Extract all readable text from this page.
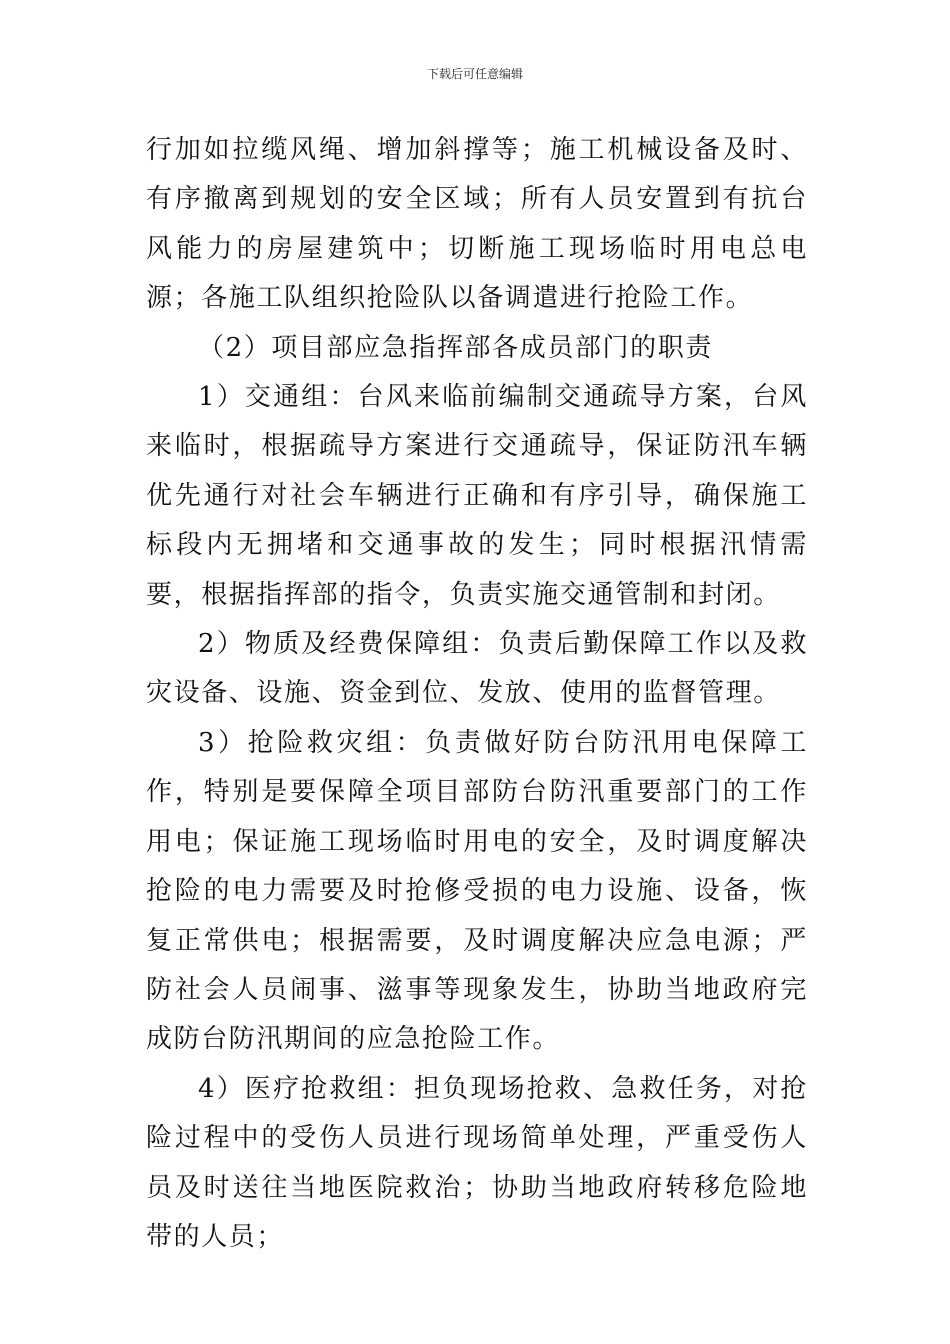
下载后可任意编辑

行加如拉缆风绳、增加斜撑等；施工机械设备及时、有序撤离到规划的安全区域；所有人员安置到有抗台风能力的房屋建筑中；切断施工现场临时用电总电源；各施工队组织抢险队以备调遣进行抢险工作。

（2）项目部应急指挥部各成员部门的职责

1）交通组：台风来临前编制交通疏导方案，台风来临时，根据疏导方案进行交通疏导，保证防汛车辆优先通行对社会车辆进行正确和有序引导，确保施工标段内无拥堵和交通事故的发生；同时根据汛情需要，根据指挥部的指令，负责实施交通管制和封闭。

2）物质及经费保障组：负责后勤保障工作以及救灾设备、设施、资金到位、发放、使用的监督管理。

3）抢险救灾组：负责做好防台防汛用电保障工作，特别是要保障全项目部防台防汛重要部门的工作用电；保证施工现场临时用电的安全，及时调度解决抢险的电力需要及时抢修受损的电力设施、设备，恢复正常供电；根据需要，及时调度解决应急电源；严防社会人员闹事、滋事等现象发生，协助当地政府完成防台防汛期间的应急抢险工作。

4）医疗抢救组：担负现场抢救、急救任务，对抢险过程中的受伤人员进行现场简单处理，严重受伤人员及时送往当地医院救治；协助当地政府转移危险地带的人员；
